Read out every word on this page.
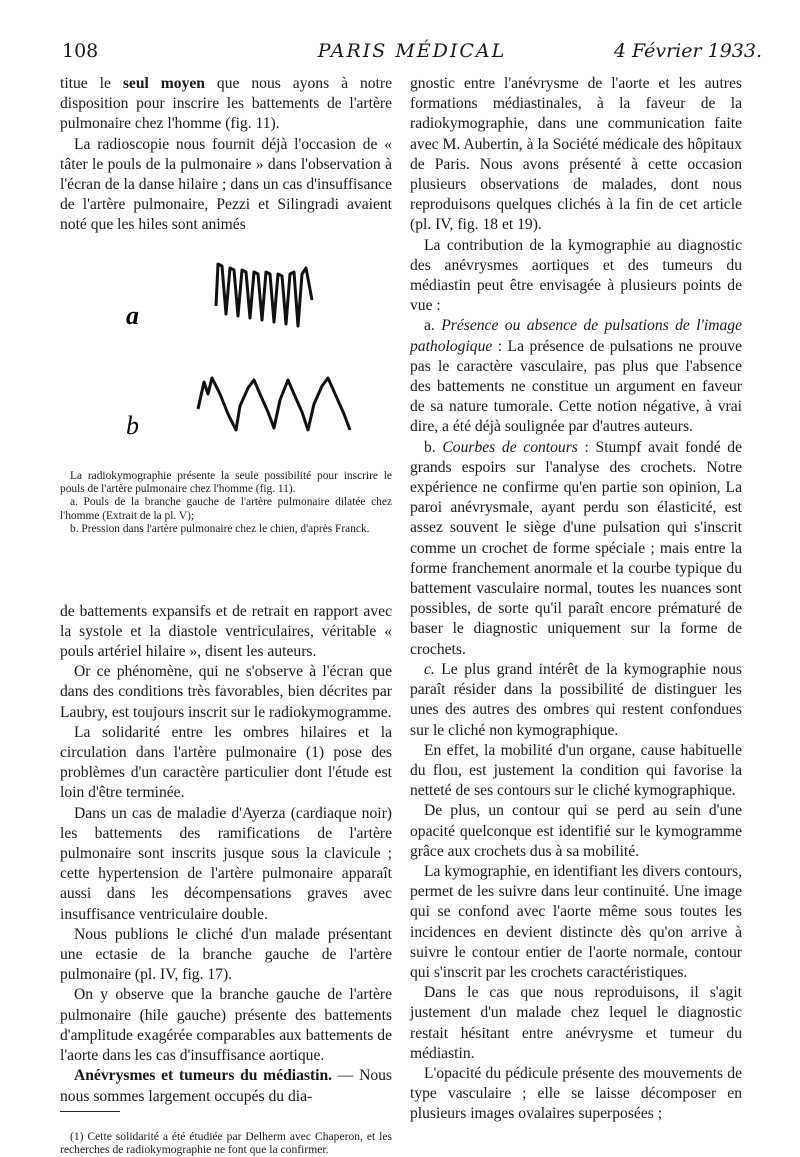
108	PARIS MÉDICAL	4 Février 1933.

titue le seul moyen que nous ayons à notre disposition pour inscrire les battements de l'artère pulmonaire chez l'homme (fig. 11).

La radioscopie nous fournit déjà l'occasion de « tâter le pouls de la pulmonaire » dans l'observation à l'écran de la danse hilaire ; dans un cas d'insuffisance de l'artère pulmonaire, Pezzi et Silingradi avaient noté que les hiles sont animés

a
b
La radiokymographie présente la seule possibilité pour inscrire le pouls de l'artère pulmonaire chez l'homme (fig. 11).
a. Pouls de la branche gauche de l'artère pulmonaire dilatée chez l'homme (Extrait de la pl. V);
b. Pression dans l'artère pulmonaire chez le chien, d'après Franck.

de battements expansifs et de retrait en rapport avec la systole et la diastole ventriculaires, véritable « pouls artériel hilaire », disent les auteurs.

Or ce phénomène, qui ne s'observe à l'écran que dans des conditions très favorables, bien décrites par Laubry, est toujours inscrit sur le radiokymogramme.

La solidarité entre les ombres hilaires et la circulation dans l'artère pulmonaire (1) pose des problèmes d'un caractère particulier dont l'étude est loin d'être terminée.

Dans un cas de maladie d'Ayerza (cardiaque noir) les battements des ramifications de l'artère pulmonaire sont inscrits jusque sous la clavicule ; cette hypertension de l'artère pulmonaire apparaît aussi dans les décompensations graves avec insuffisance ventriculaire double.

Nous publions le cliché d'un malade présentant une ectasie de la branche gauche de l'artère pulmonaire (pl. IV, fig. 17).

On y observe que la branche gauche de l'artère pulmonaire (hile gauche) présente des battements d'amplitude exagérée comparables aux battements de l'aorte dans les cas d'insuffisance aortique.

Anévrysmes et tumeurs du médiastin. — Nous nous sommes largement occupés du dia-

(1) Cette solidarité a été étudiée par Delherm avec Chaperon, et les recherches de radiokymographie ne font que la confirmer.

gnostic entre l'anévrysme de l'aorte et les autres formations médiastinales, à la faveur de la radiokymographie, dans une communication faite avec M. Aubertin, à la Société médicale des hôpitaux de Paris. Nous avons présenté à cette occasion plusieurs observations de malades, dont nous reproduisons quelques clichés à la fin de cet article (pl. IV, fig. 18 et 19).

La contribution de la kymographie au diagnostic des anévrysmes aortiques et des tumeurs du médiastin peut être envisagée à plusieurs points de vue :

a. Présence ou absence de pulsations de l'image pathologique : La présence de pulsations ne prouve pas le caractère vasculaire, pas plus que l'absence des battements ne constitue un argument en faveur de sa nature tumorale. Cette notion négative, à vrai dire, a été déjà soulignée par d'autres auteurs.

b. Courbes de contours : Stumpf avait fondé de grands espoirs sur l'analyse des crochets. Notre expérience ne confirme qu'en partie son opinion, La paroi anévrysmale, ayant perdu son élasticité, est assez souvent le siège d'une pulsation qui s'inscrit comme un crochet de forme spéciale ; mais entre la forme franchement anormale et la courbe typique du battement vasculaire normal, toutes les nuances sont possibles, de sorte qu'il paraît encore prématuré de baser le diagnostic uniquement sur la forme de crochets.

c. Le plus grand intérêt de la kymographie nous paraît résider dans la possibilité de distinguer les unes des autres des ombres qui restent confondues sur le cliché non kymographique.

En effet, la mobilité d'un organe, cause habituelle du flou, est justement la condition qui favorise la netteté de ses contours sur le cliché kymographique.

De plus, un contour qui se perd au sein d'une opacité quelconque est identifié sur le kymogramme grâce aux crochets dus à sa mobilité.

La kymographie, en identifiant les divers contours, permet de les suivre dans leur continuité. Une image qui se confond avec l'aorte même sous toutes les incidences en devient distincte dès qu'on arrive à suivre le contour entier de l'aorte normale, contour qui s'inscrit par les crochets caractéristiques.

Dans le cas que nous reproduisons, il s'agit justement d'un malade chez lequel le diagnostic restait hésitant entre anévrysme et tumeur du médiastin.

L'opacité du pédicule présente des mouvements de type vasculaire ; elle se laisse décomposer en plusieurs images ovalaires superposées ;
